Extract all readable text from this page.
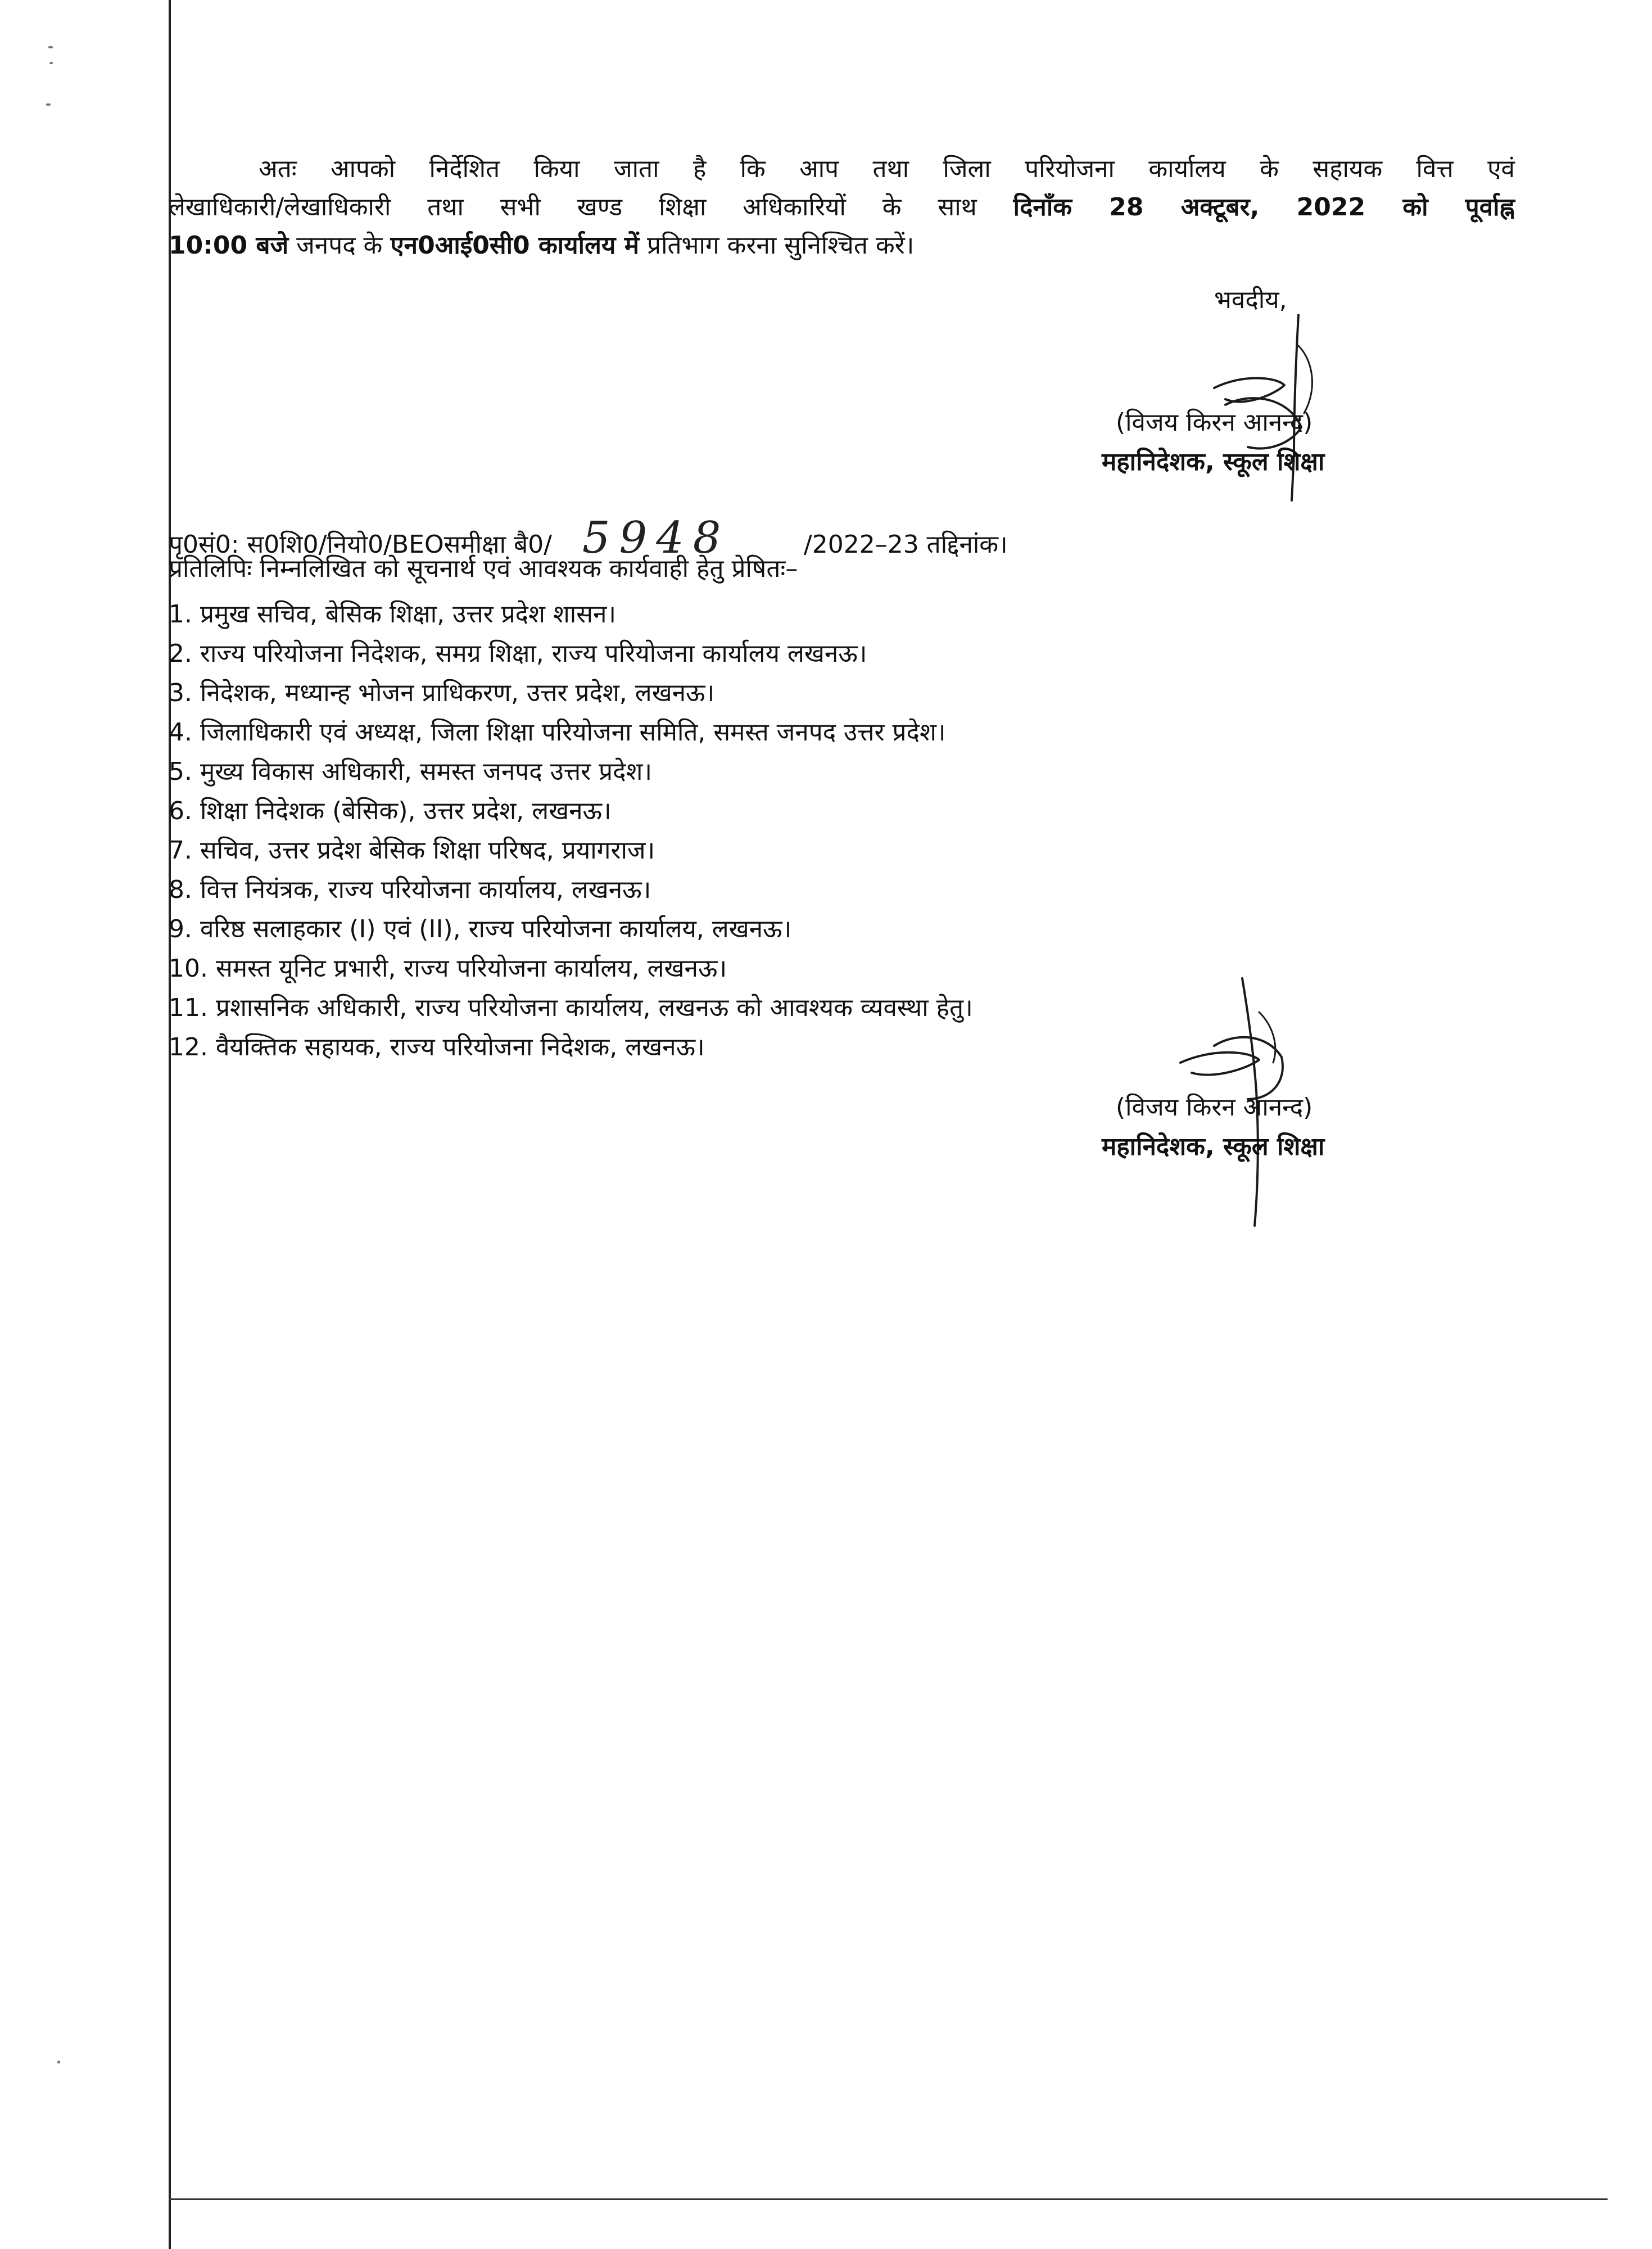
अतः आपको निर्देशित किया जाता है कि आप तथा जिला परियोजना कार्यालय के सहायक वित्त एवं
लेखाधिकारी/लेखाधिकारी तथा सभी खण्ड शिक्षा अधिकारियों के साथ दिनाँक 28 अक्टूबर, 2022 को पूर्वाह्न
10:00 बजे जनपद के एन0आई0सी0 कार्यालय में प्रतिभाग करना सुनिश्चित करें।
भवदीय,
(विजय किरन आनन्द)
महानिदेशक, स्कूल शिक्षा
पृ0सं0: स0शि0/नियो0/BEOसमीक्षा बै0/ 5948	/2022–23 तद्दिनांक।
प्रतिलिपिः निम्नलिखित को सूचनार्थ एवं आवश्यक कार्यवाही हेतु प्रेषितः–
1. प्रमुख सचिव, बेसिक शिक्षा, उत्तर प्रदेश शासन।
2. राज्य परियोजना निदेशक, समग्र शिक्षा, राज्य परियोजना कार्यालय लखनऊ।
3. निदेशक, मध्यान्ह भोजन प्राधिकरण, उत्तर प्रदेश, लखनऊ।
4. जिलाधिकारी एवं अध्यक्ष, जिला शिक्षा परियोजना समिति, समस्त जनपद उत्तर प्रदेश।
5. मुख्य विकास अधिकारी, समस्त जनपद उत्तर प्रदेश।
6. शिक्षा निदेशक (बेसिक), उत्तर प्रदेश, लखनऊ।
7. सचिव, उत्तर प्रदेश बेसिक शिक्षा परिषद, प्रयागराज।
8. वित्त नियंत्रक, राज्य परियोजना कार्यालय, लखनऊ।
9. वरिष्ठ सलाहकार (I) एवं (II), राज्य परियोजना कार्यालय, लखनऊ।
10. समस्त यूनिट प्रभारी, राज्य परियोजना कार्यालय, लखनऊ।
11. प्रशासनिक अधिकारी, राज्य परियोजना कार्यालय, लखनऊ को आवश्यक व्यवस्था हेतु।
12. वैयक्तिक सहायक, राज्य परियोजना निदेशक, लखनऊ।
(विजय किरन आनन्द)
महानिदेशक, स्कूल शिक्षा
